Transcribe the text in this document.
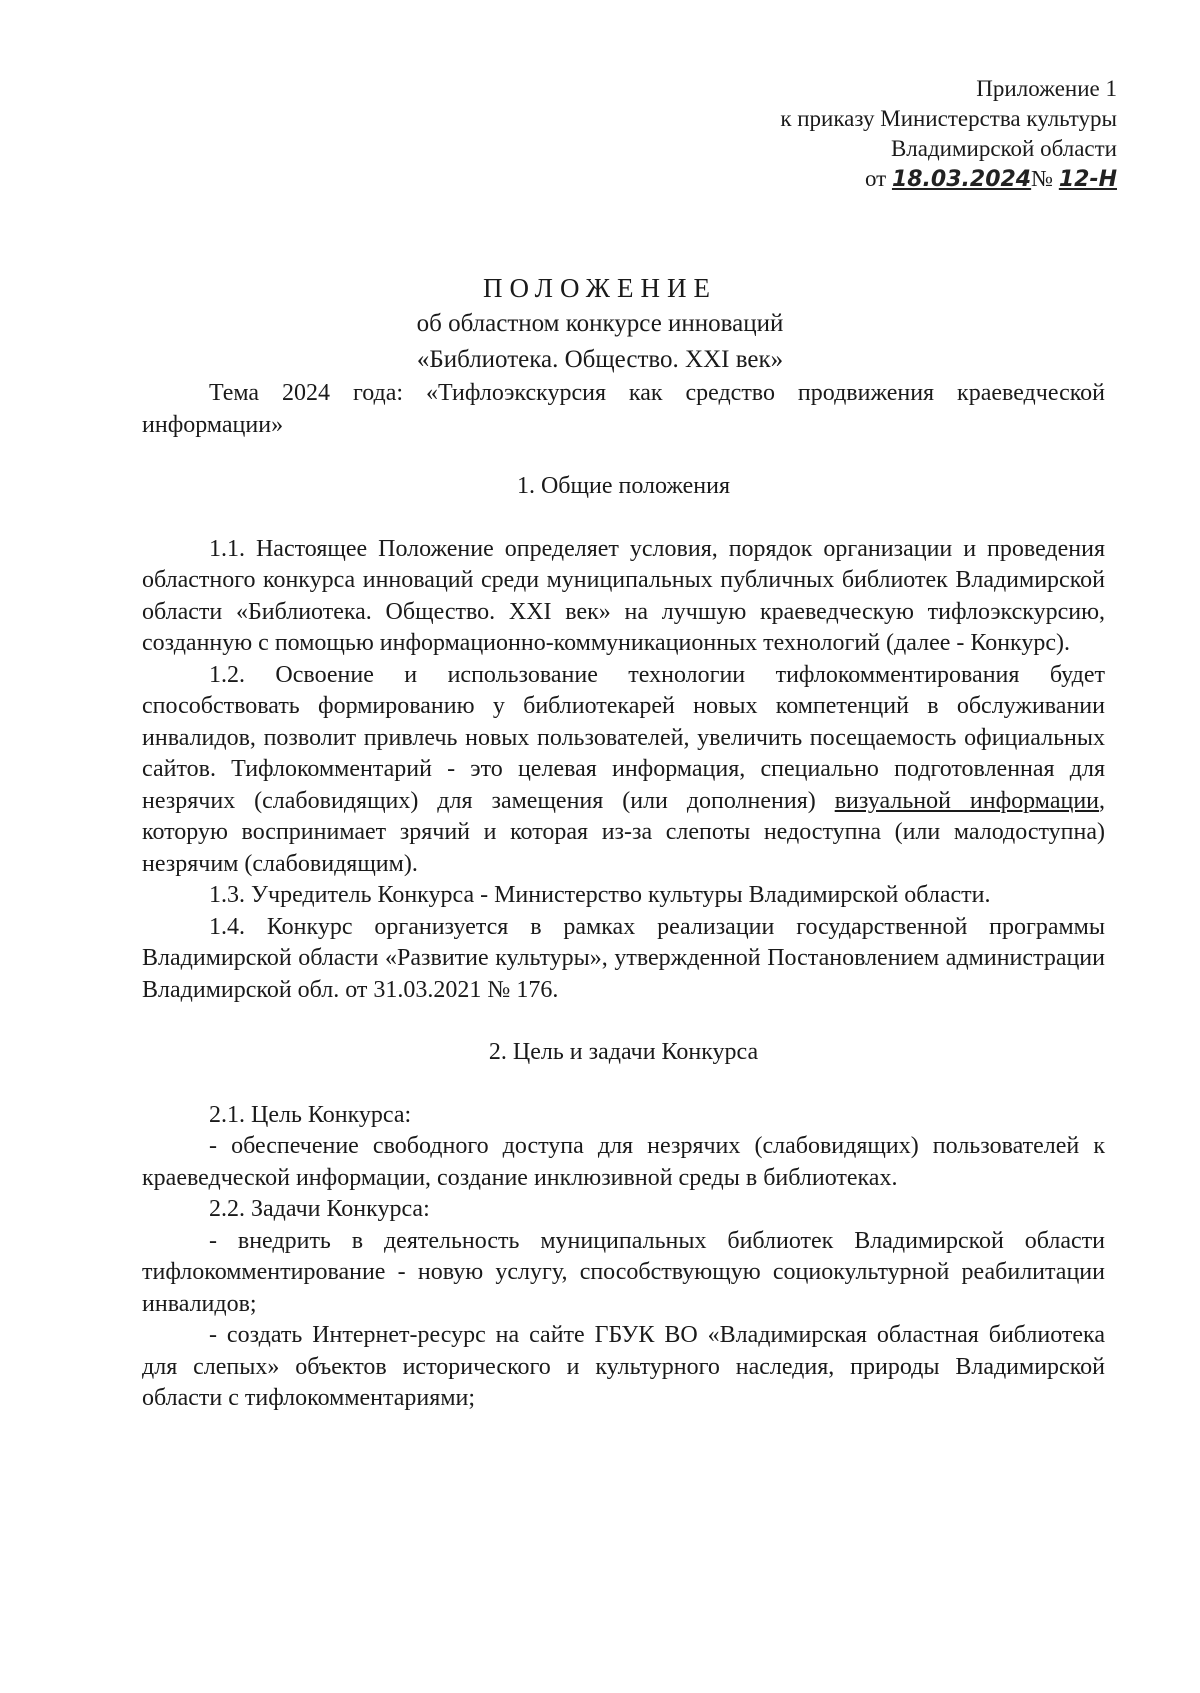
Приложение 1
к приказу Министерства культуры
Владимирской области
от 18.03.2024№ 12-Н
ПОЛОЖЕНИЕ
об областном конкурсе инноваций
«Библиотека. Общество. XXI век»

Тема 2024 года: «Тифлоэкскурсия как средство продвижения краеведческой информации»

1. Общие положения

1.1. Настоящее Положение определяет условия, порядок организации и проведения областного конкурса инноваций среди муниципальных публичных библиотек Владимирской области «Библиотека. Общество. XXI век» на лучшую краеведческую тифлоэкскурсию, созданную с помощью информационно-коммуникационных технологий (далее - Конкурс).

1.2. Освоение и использование технологии тифлокомментирования будет способствовать формированию у библиотекарей новых компетенций в обслуживании инвалидов, позволит привлечь новых пользователей, увеличить посещаемость официальных сайтов. Тифлокомментарий - это целевая информация, специально подготовленная для незрячих (слабовидящих) для замещения (или дополнения) визуальной информации, которую воспринимает зрячий и которая из-за слепоты недоступна (или малодоступна) незрячим (слабовидящим).

1.3. Учредитель Конкурса - Министерство культуры Владимирской области.

1.4. Конкурс организуется в рамках реализации государственной программы Владимирской области «Развитие культуры», утвержденной Постановлением администрации Владимирской обл. от 31.03.2021 № 176.

2. Цель и задачи Конкурса

2.1. Цель Конкурса:

- обеспечение свободного доступа для незрячих (слабовидящих) пользователей к краеведческой информации, создание инклюзивной среды в библиотеках.

2.2. Задачи Конкурса:

- внедрить в деятельность муниципальных библиотек Владимирской области тифлокомментирование - новую услугу, способствующую социокультурной реабилитации инвалидов;

- создать Интернет-ресурс на сайте ГБУК ВО «Владимирская областная библиотека для слепых» объектов исторического и культурного наследия, природы Владимирской области с тифлокомментариями;
